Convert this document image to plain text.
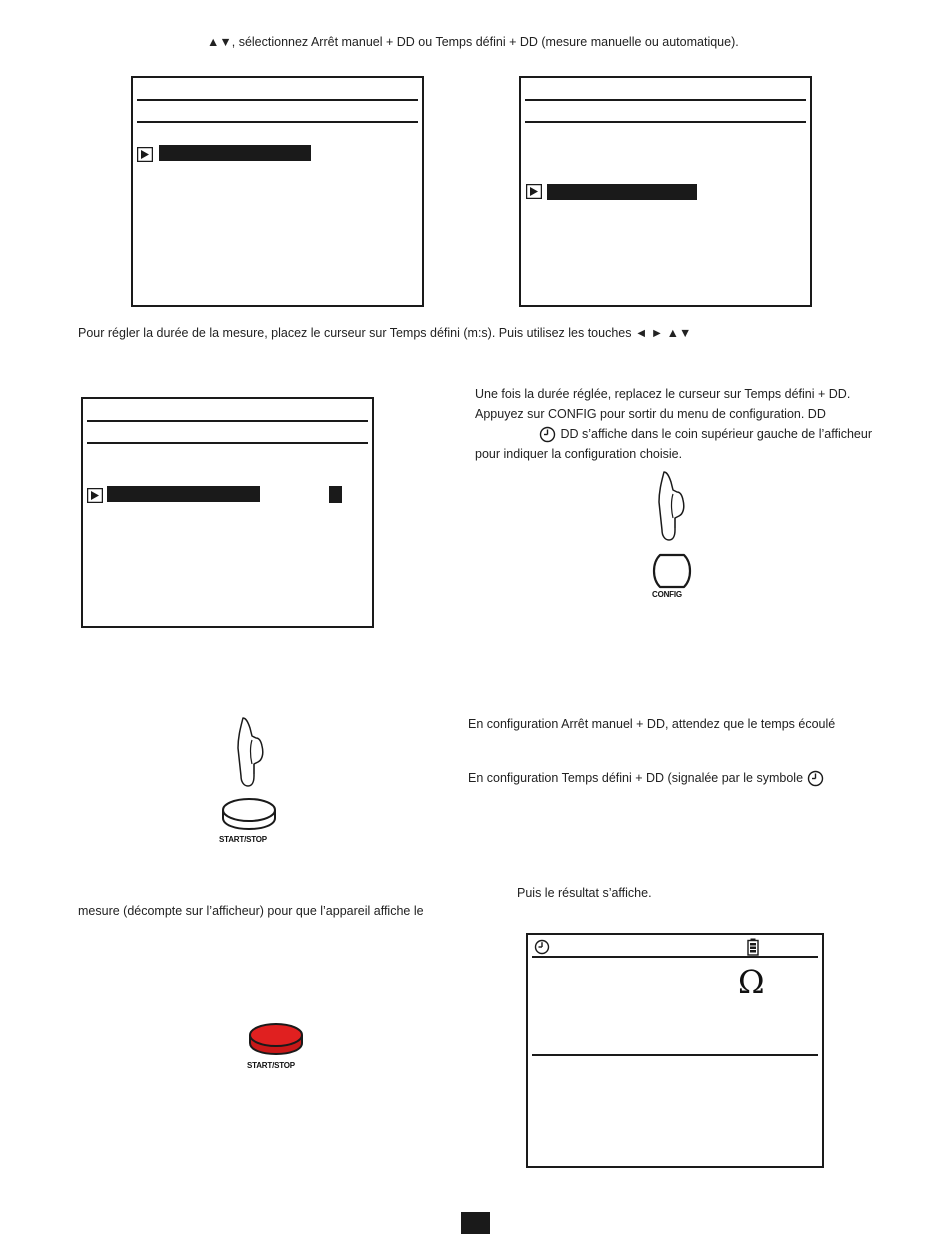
▲▼, sélectionnez Arrêt manuel + DD ou Temps défini + DD (mesure manuelle ou automatique).
Pour régler la durée de la mesure, placez le curseur sur Temps défini (m:s). Puis utilisez les touches ◄ ► ▲▼
Une fois la durée réglée, replacez le curseur sur Temps défini + DD.
Appuyez sur CONFIG pour sortir du menu de configuration. DD
DD s’affiche dans le coin supérieur gauche de l’afficheur
pour indiquer la configuration choisie.
CONFIG
START/STOP
En configuration Arrêt manuel + DD, attendez que le temps écoulé
En configuration Temps défini + DD (signalée par le symbole
Puis le résultat s’affiche.
mesure (décompte sur l’afficheur) pour que l’appareil affiche le
START/STOP
Ω
